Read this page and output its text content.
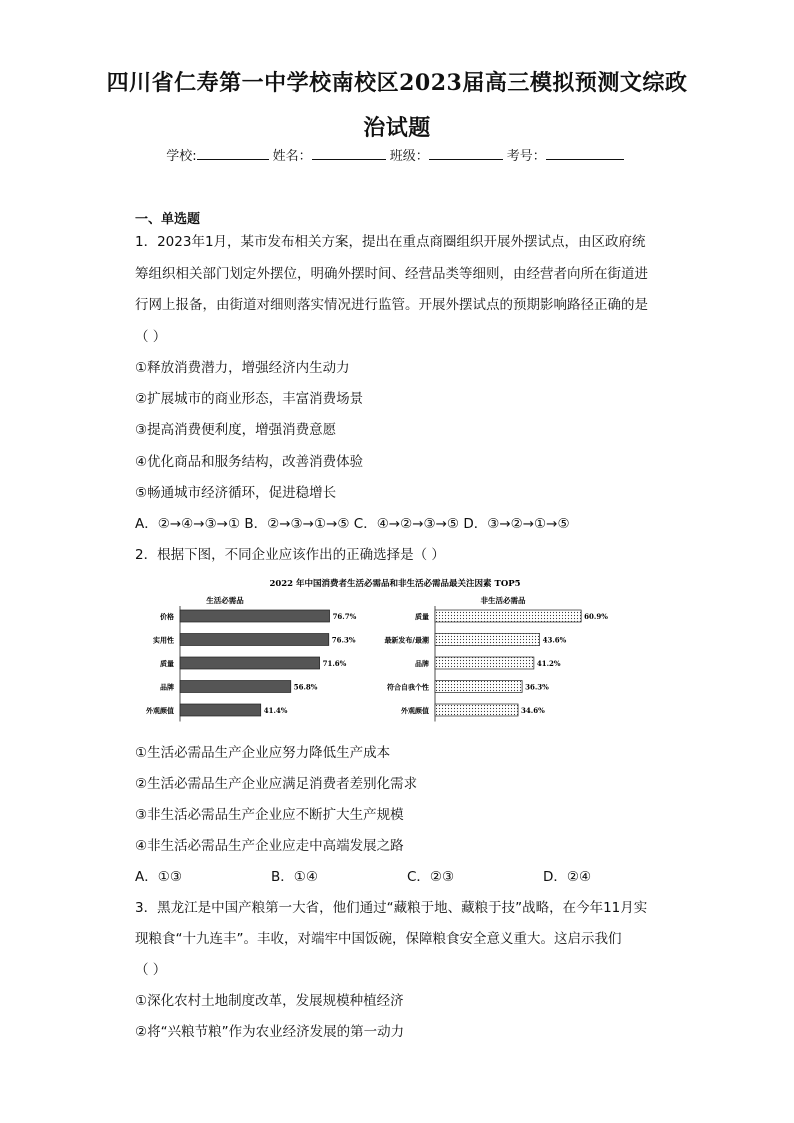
四川省仁寿第一中学校南校区2023届高三模拟预测文综政
治试题
学校:	姓名：	班级：	考号：
一、单选题
1．2023年1月，某市发布相关方案，提出在重点商圈组织开展外摆试点，由区政府统
筹组织相关部门划定外摆位，明确外摆时间、经营品类等细则，由经营者向所在街道进
行网上报备，由街道对细则落实情况进行监管。开展外摆试点的预期影响路径正确的是
（ ）
①释放消费潜力，增强经济内生动力
②扩展城市的商业形态，丰富消费场景
③提高消费便利度，增强消费意愿
④优化商品和服务结构，改善消费体验
⑤畅通城市经济循环，促进稳增长
A．②→④→③→① B．②→③→①→⑤ C．④→②→③→⑤ D．③→②→①→⑤
2．根据下图，不同企业应该作出的正确选择是（ ）
2022 年中国消费者生活必需品和非生活必需品最关注因素 TOP5
生活必需品	非生活必需品
价格	76.7%
实用性	76.3%
质量	71.6%
品牌	56.8%
外观颜值	41.4%
质量	60.9%
最新发布/最潮	43.6%
品牌	41.2%
符合自我个性	36.3%
外观颜值	34.6%
①生活必需品生产企业应努力降低生产成本
②生活必需品生产企业应满足消费者差别化需求
③非生活必需品生产企业应不断扩大生产规模
④非生活必需品生产企业应走中高端发展之路
A．①③	B．①④	C．②③	D．②④
3．黑龙江是中国产粮第一大省，他们通过“藏粮于地、藏粮于技”战略，在今年11月实
现粮食“十九连丰”。丰收，对端牢中国饭碗，保障粮食安全意义重大。这启示我们
（ ）
①深化农村土地制度改革，发展规模种植经济
②将“兴粮节粮”作为农业经济发展的第一动力
